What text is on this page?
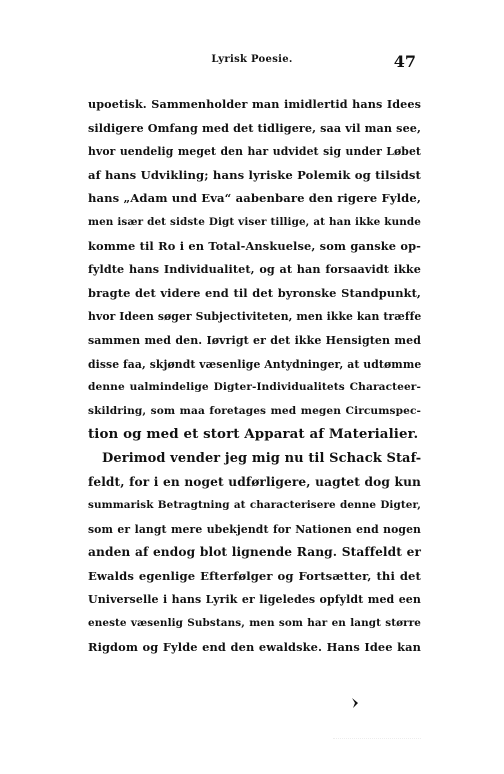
Lyrisk Poesie.	47
upoetisk. Sammenholder man imidlertid hans Idees
sildigere Omfang med det tidligere, saa vil man see,
hvor uendelig meget den har udvidet sig under Løbet
af hans Udvikling; hans lyriske Polemik og tilsidst
hans „Adam und Eva“ aabenbare den rigere Fylde,
men især det sidste Digt viser tillige, at han ikke kunde
komme til Ro i en Total-Anskuelse, som ganske op-
fyldte hans Individualitet, og at han forsaavidt ikke
bragte det videre end til det byronske Standpunkt,
hvor Ideen søger Subjectiviteten, men ikke kan træffe
sammen med den. Iøvrigt er det ikke Hensigten med
disse faa, skjøndt væsenlige Antydninger, at udtømme
denne ualmindelige Digter-Individualitets Characteer-
skildring, som maa foretages med megen Circumspec-
tion og med et stort Apparat af Materialier.
Derimod vender jeg mig nu til Schack Staf-
feldt, for i en noget udførligere, uagtet dog kun
summarisk Betragtning at characterisere denne Digter,
som er langt mere ubekjendt for Nationen end nogen
anden af endog blot lignende Rang. Staffeldt er
Ewalds egenlige Efterfølger og Fortsætter, thi det
Universelle i hans Lyrik er ligeledes opfyldt med een
eneste væsenlig Substans, men som har en langt større
Rigdom og Fylde end den ewaldske. Hans Idee kan
